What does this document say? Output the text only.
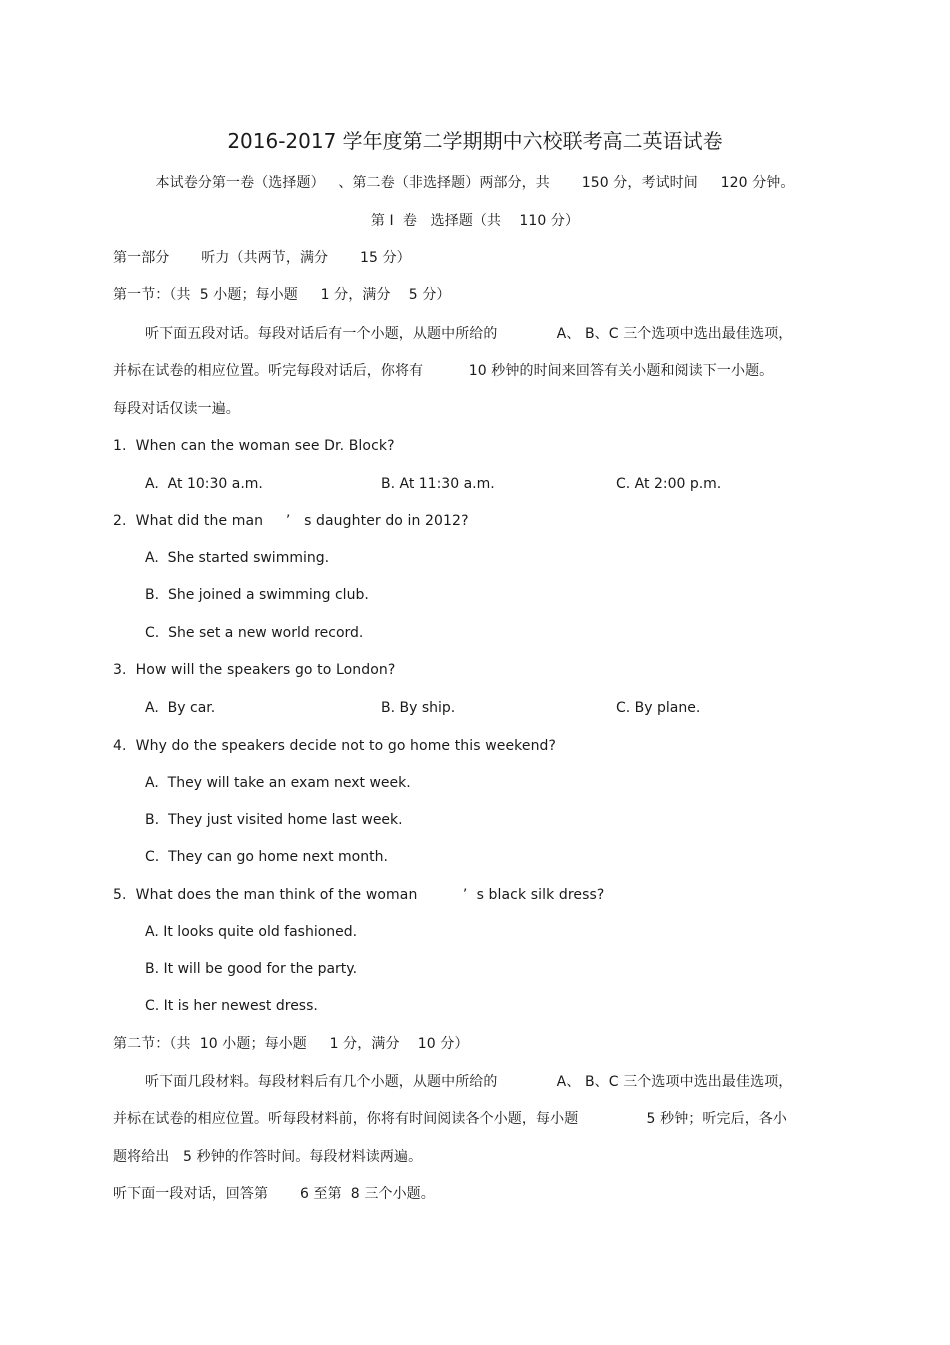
2016-2017 学年度第二学期期中六校联考高二英语试卷
本试卷分第一卷（选择题）   、第二卷（非选择题）两部分，共       150 分，考试时间     120 分钟。
第 I  卷   选择题（共    110 分）
第一部分       听力（共两节，满分       15 分）
第一节：（共  5 小题；每小题     1 分，满分    5 分）
听下面五段对话。每段对话后有一个小题，从题中所给的             A、 B、C 三个选项中选出最佳选项，
并标在试卷的相应位置。听完每段对话后，你将有          10 秒钟的时间来回答有关小题和阅读下一小题。
每段对话仅读一遍。
1.  When can the woman see Dr. Block?
A.  At 10:30 a.m.	B. At 11:30 a.m.	C. At 2:00 p.m.
2.  What did the man     ’   s daughter do in 2012?
A.  She started swimming.
B.  She joined a swimming club.
C.  She set a new world record.
3.  How will the speakers go to London?
A.  By car.	B. By ship.	C. By plane.
4.  Why do the speakers decide not to go home this weekend?
A.  They will take an exam next week.
B.  They just visited home last week.
C.  They can go home next month.
5.  What does the man think of the woman          ’  s black silk dress?
A. It looks quite old fashioned.
B. It will be good for the party.
C. It is her newest dress.
第二节：（共  10 小题；每小题     1 分，满分    10 分）
听下面几段材料。每段材料后有几个小题，从题中所给的             A、 B、C 三个选项中选出最佳选项，
并标在试卷的相应位置。听每段材料前，你将有时间阅读各个小题，每小题               5 秒钟；听完后，各小
题将给出   5 秒钟的作答时间。每段材料读两遍。
听下面一段对话，回答第       6 至第  8 三个小题。
